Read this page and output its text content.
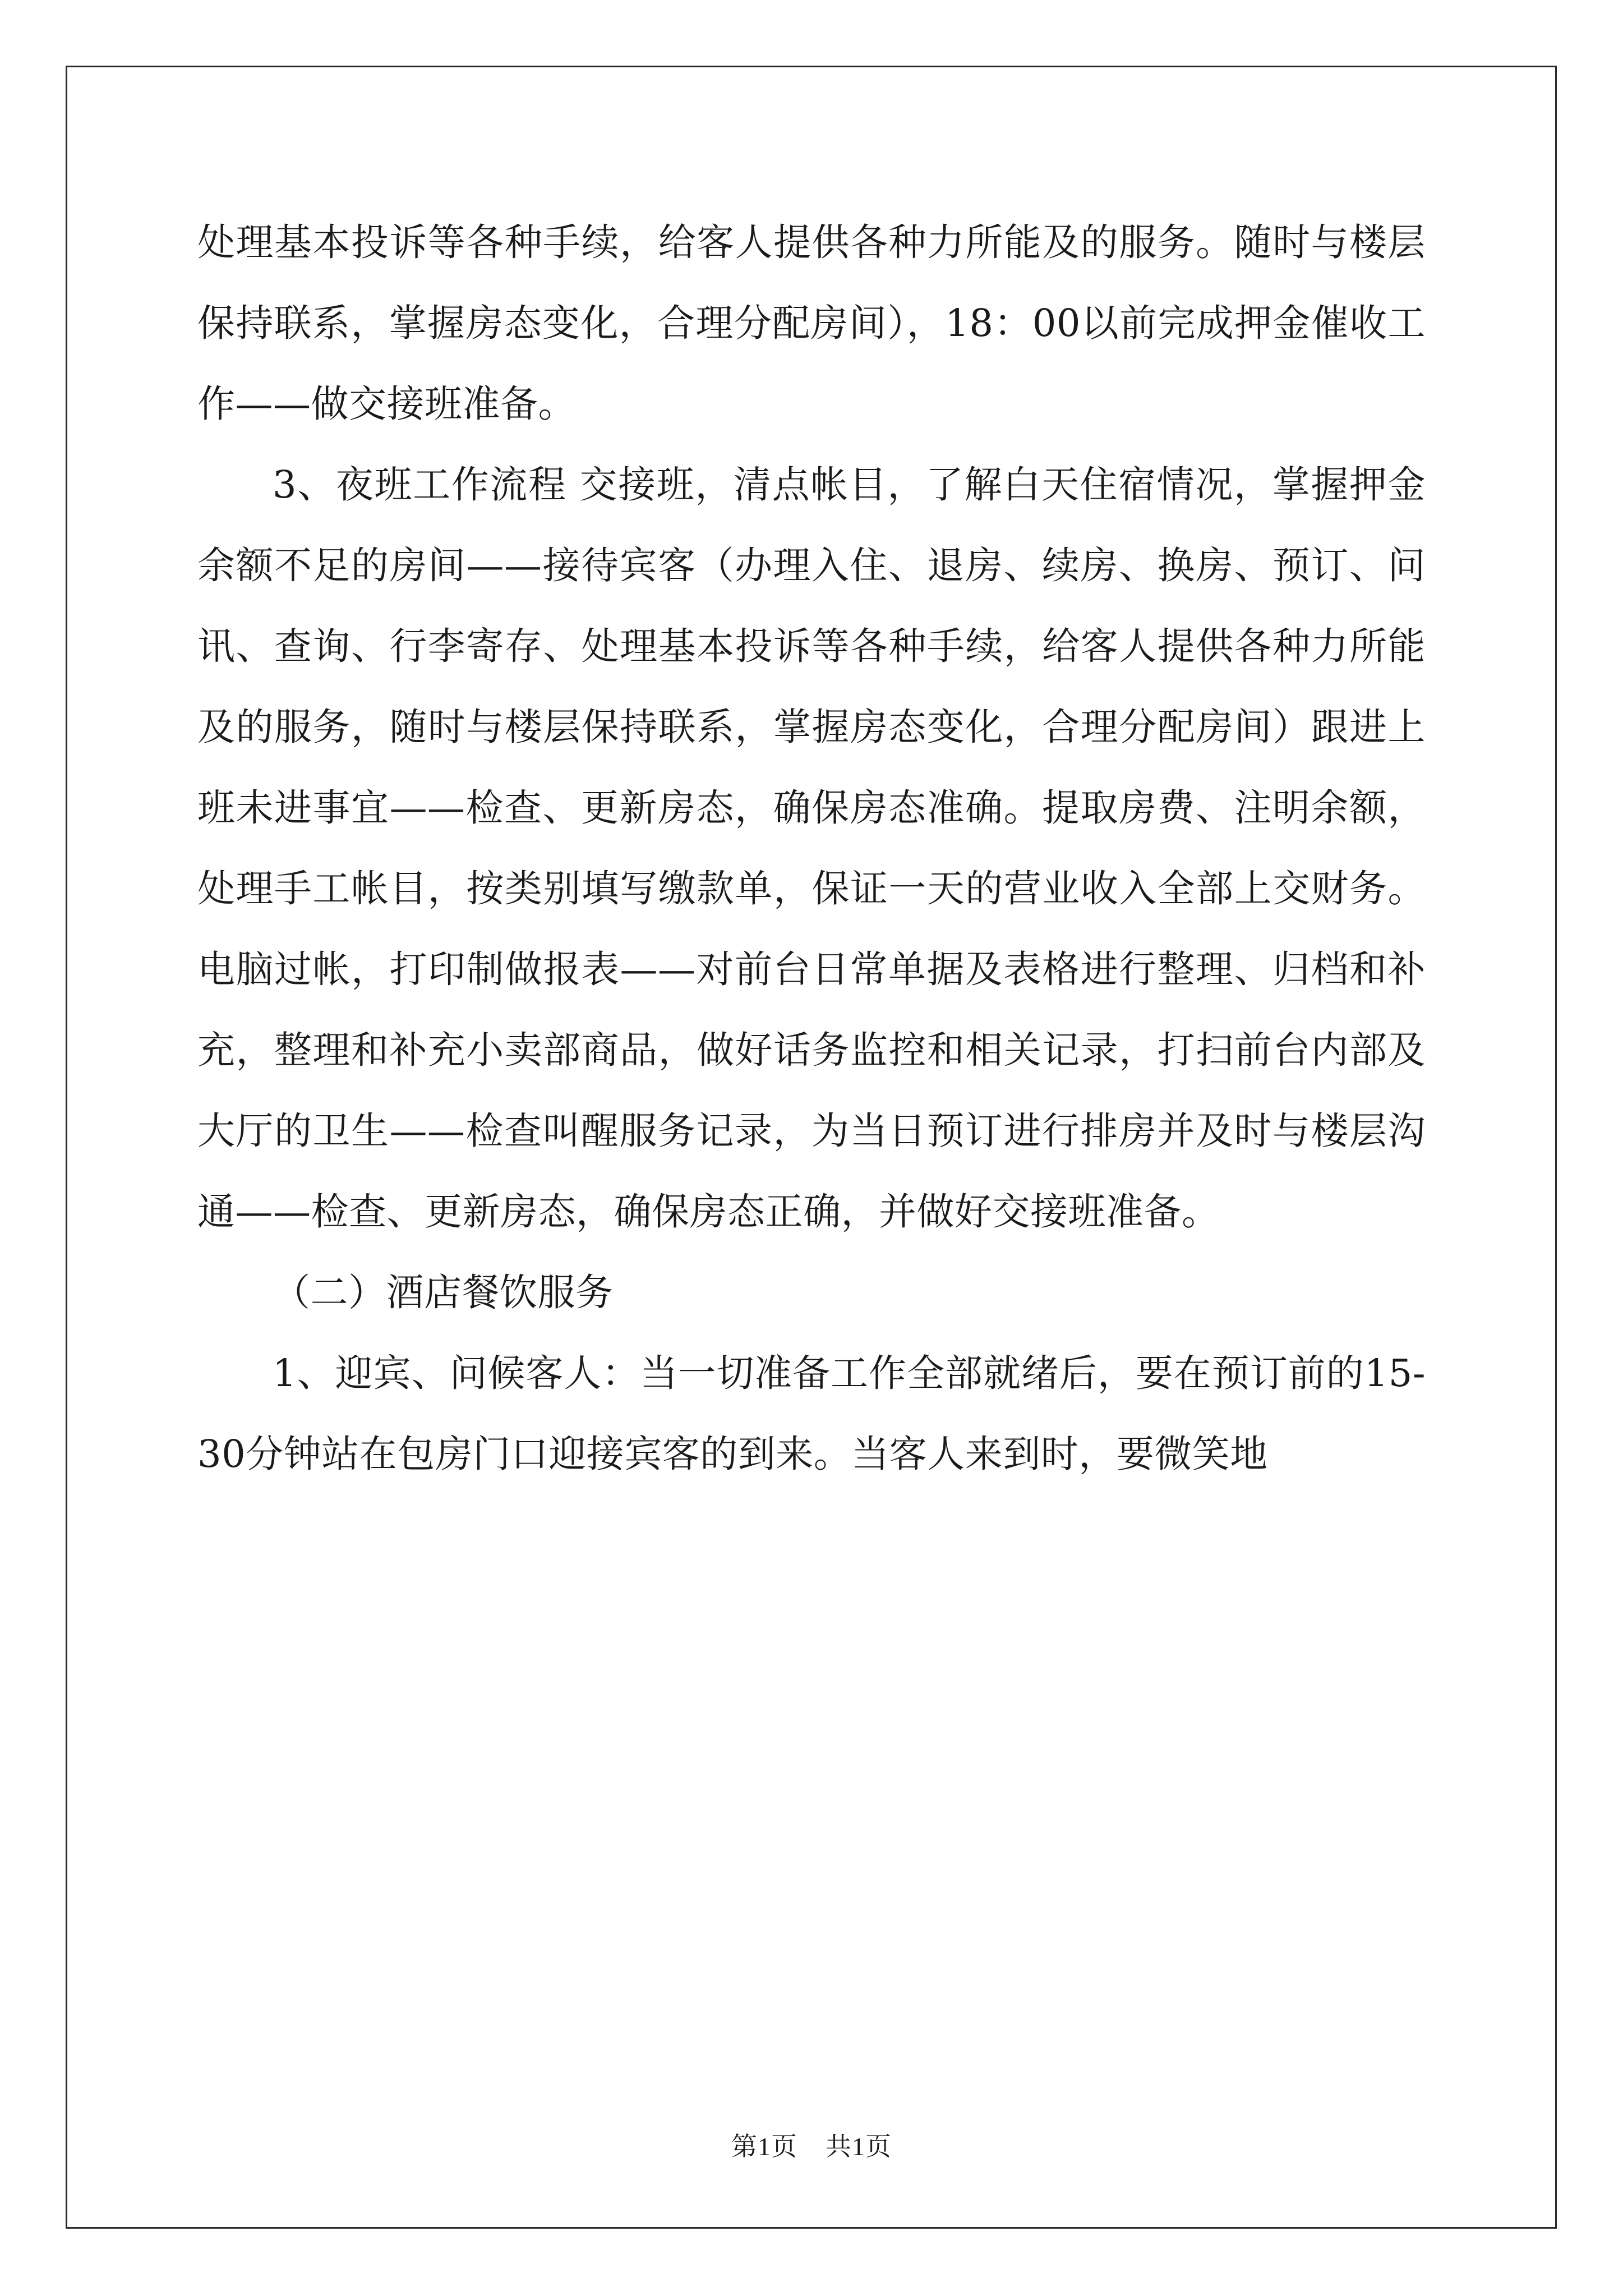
处理基本投诉等各种手续，给客人提供各种力所能及的服务。随时与楼层保持联系，掌握房态变化，合理分配房间），18：00以前完成押金催收工作——做交接班准备。

3、夜班工作流程 交接班，清点帐目，了解白天住宿情况，掌握押金余额不足的房间——接待宾客（办理入住、退房、续房、换房、预订、问讯、查询、行李寄存、处理基本投诉等各种手续，给客人提供各种力所能及的服务，随时与楼层保持联系，掌握房态变化，合理分配房间）跟进上班未进事宜——检查、更新房态，确保房态准确。提取房费、注明余额，处理手工帐目，按类别填写缴款单，保证一天的营业收入全部上交财务。电脑过帐，打印制做报表——对前台日常单据及表格进行整理、归档和补充，整理和补充小卖部商品，做好话务监控和相关记录，打扫前台内部及大厅的卫生——检查叫醒服务记录，为当日预订进行排房并及时与楼层沟通——检查、更新房态，确保房态正确，并做好交接班准备。

（二）酒店餐饮服务

1、迎宾、问候客人：当一切准备工作全部就绪后，要在预订前的15-30分钟站在包房门口迎接宾客的到来。当客人来到时，要微笑地

第1页 共1页
